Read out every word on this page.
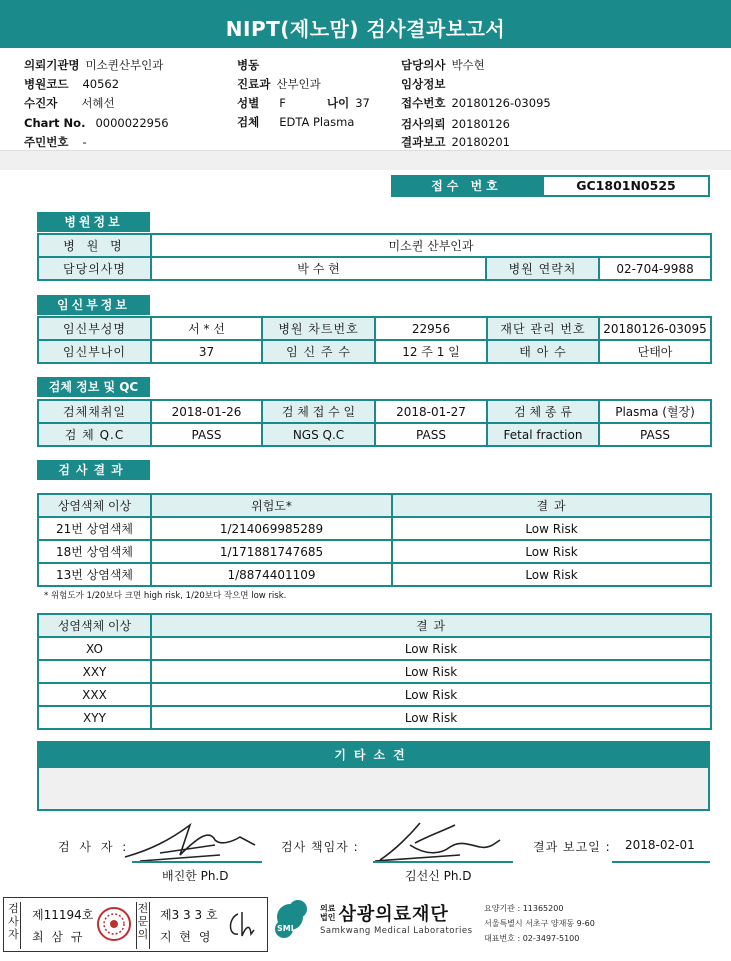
NIPT(제노맘) 검사결과보고서
의뢰기관명 미소퀸산부인과
병원코드 40562
수진자 서혜선
Chart No. 0000022956
주민번호 -
병동
진료과 산부인과
성별 F	나이 37
검체 EDTA Plasma
담당의사 박수현
임상정보
접수번호 20180126-03095
검사의뢰 20180126
결과보고 20180201
접수 번호	GC1801N0525
병원정보
병 원 명	미소퀸 산부인과		
담당의사명	박 수 현	병원 연락처	02-704-9988
임신부정보
임신부성명	서 * 선	병원 차트번호	22956	재단 관리 번호	20180126-03095
임신부나이	37	임 신 주 수	12 주 1 일	태 아 수	단태아
검체 정보 및 QC
검체채취일	2018-01-26	검 체 접 수 일	2018-01-27	검 체 종 류	Plasma (혈장)
검 체 Q.C	PASS	NGS Q.C	PASS	Fetal fraction	PASS
검사결과
상염색체 이상	위험도*	결 과
21번 상염색체	1/214069985289	Low Risk
18번 상염색체	1/171881747685	Low Risk
13번 상염색체	1/8874401109	Low Risk
* 위험도가 1/20보다 크면 high risk, 1/20보다 작으면 low risk.
성염색체 이상	결 과
XO	Low Risk
XXY	Low Risk
XXX	Low Risk
XYY	Low Risk
기타소견
검 사 자 :
배진한 Ph.D
검사 책임자 :
김선신 Ph.D
결과 보고일 : 2018-02-01
검사자
제11194호
최 삼 규
전문의
제3 3 3 호
지 현 영
SML
의료
법인 삼광의료재단
Samkwang Medical Laboratories
요양기관 : 11365200
서울특별시 서초구 양재동 9-60
대표번호 : 02-3497-5100
